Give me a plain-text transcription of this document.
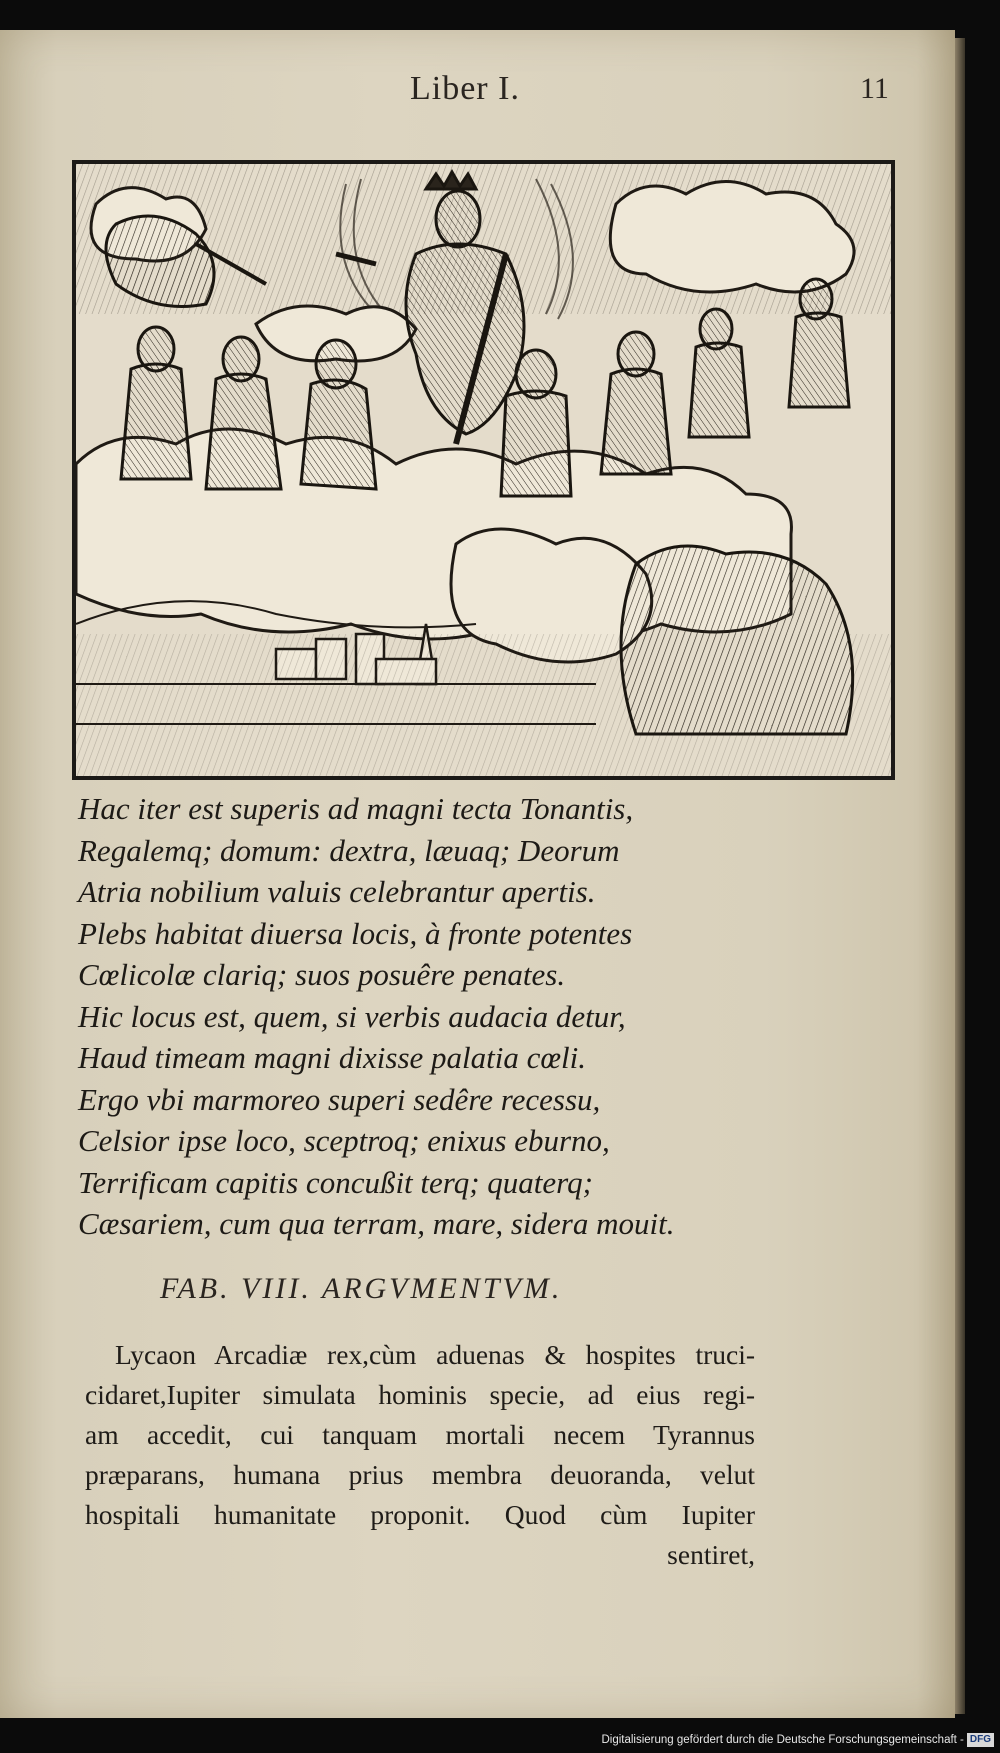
Liber I.	11
Hac iter est superis ad magni tecta Tonantis,
Regalemq; domum: dextra, læuaq; Deorum
Atria nobilium valuis celebrantur apertis.
Plebs habitat diuersa locis, à fronte potentes
Cœlicolæ clariq; suos posuêre penates.
Hic locus est, quem, si verbis audacia detur,
Haud timeam magni dixisse palatia cœli.
Ergo vbi marmoreo superi sedêre recessu,
Celsior ipse loco, sceptroq; enixus eburno,
Terrificam capitis concußit terq; quaterq;
Cæsariem, cum qua terram, mare, sidera mouit.
FAB. VIII. ARGVMENTVM.
Lycaon Arcadiæ rex,cùm aduenas & hospites truci-
cidaret,Iupiter simulata hominis specie, ad eius regi-
am accedit, cui tanquam mortali necem Tyrannus
præparans, humana prius membra deuoranda, velut
hospitali humanitate proponit. Quod cùm Iupiter
sentiret,
Digitalisierung gefördert durch die Deutsche Forschungsgemeinschaft - DFG
